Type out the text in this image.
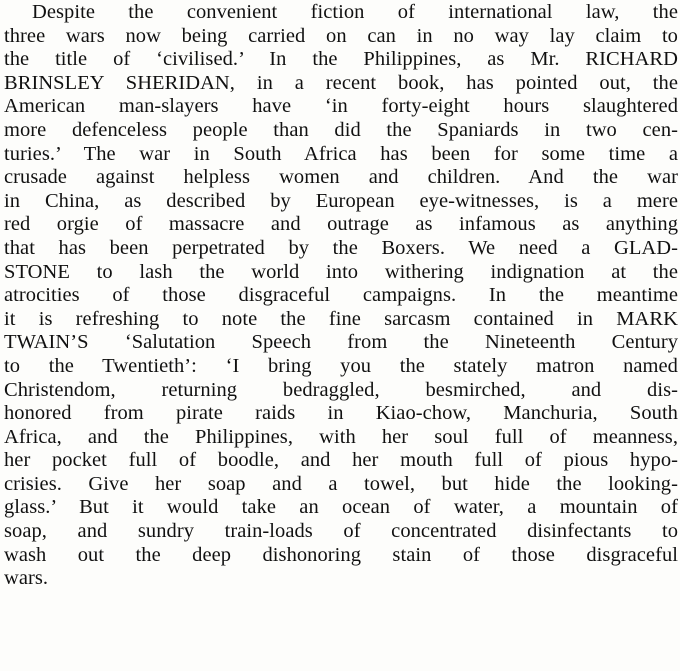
Despite the convenient fiction of international law, the
three wars now being carried on can in no way lay claim to
the title of ‘civilised.’ In the Philippines, as Mr. RICHARD
BRINSLEY SHERIDAN, in a recent book, has pointed out, the
American man-slayers have ‘in forty-eight hours slaughtered
more defenceless people than did the Spaniards in two cen-
turies.’ The war in South Africa has been for some time a
crusade against helpless women and children. And the war
in China, as described by European eye-witnesses, is a mere
red orgie of massacre and outrage as infamous as anything
that has been perpetrated by the Boxers. We need a GLAD-
STONE to lash the world into withering indignation at the
atrocities of those disgraceful campaigns. In the meantime
it is refreshing to note the fine sarcasm contained in MARK
TWAIN’S ‘Salutation Speech from the Nineteenth Century
to the Twentieth’: ‘I bring you the stately matron named
Christendom, returning bedraggled, besmirched, and dis-
honored from pirate raids in Kiao-chow, Manchuria, South
Africa, and the Philippines, with her soul full of meanness,
her pocket full of boodle, and her mouth full of pious hypo-
crisies. Give her soap and a towel, but hide the looking-
glass.’ But it would take an ocean of water, a mountain of
soap, and sundry train-loads of concentrated disinfectants to
wash out the deep dishonoring stain of those disgraceful
wars.
